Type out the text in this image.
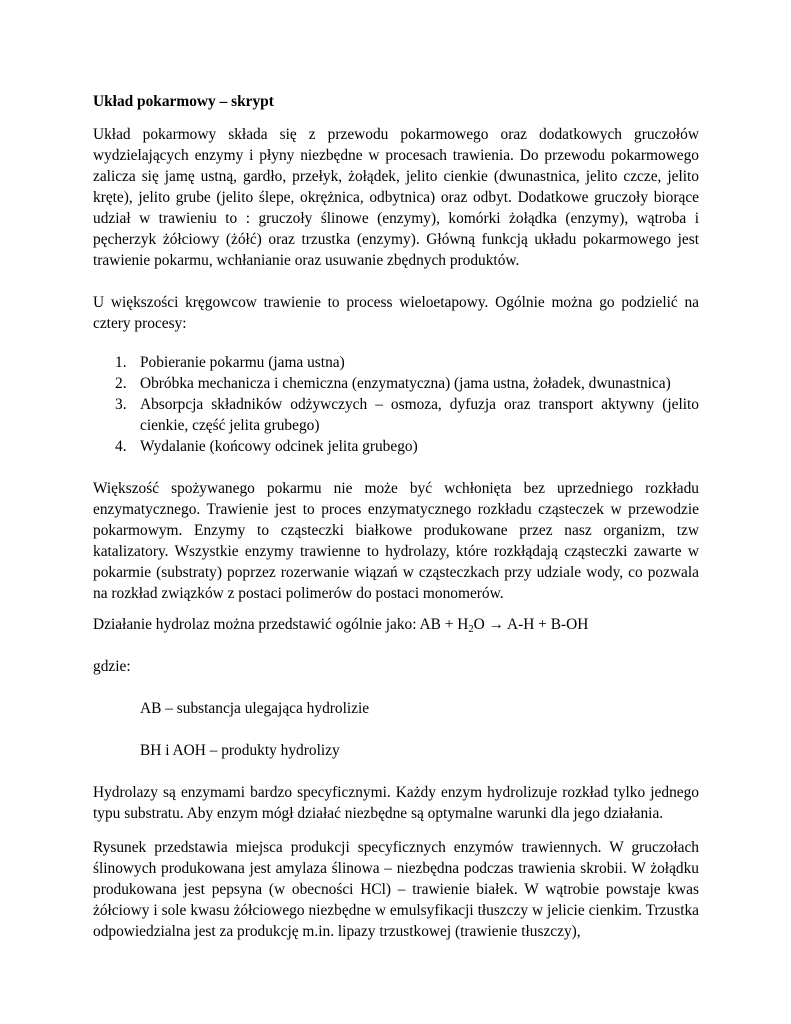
Układ pokarmowy – skrypt

Układ pokarmowy składa się z przewodu pokarmowego oraz dodatkowych gruczołów wydzielających enzymy i płyny niezbędne w procesach trawienia. Do przewodu pokarmowego zalicza się jamę ustną, gardło, przełyk, żołądek, jelito cienkie (dwunastnica, jelito czcze, jelito kręte), jelito grube (jelito ślepe, okrężnica, odbytnica) oraz odbyt. Dodatkowe gruczoły biorące udział w trawieniu to : gruczoły ślinowe (enzymy), komórki żołądka (enzymy), wątroba i pęcherzyk żółciowy (żółć) oraz trzustka (enzymy). Główną funkcją układu pokarmowego jest trawienie pokarmu, wchłanianie oraz usuwanie zbędnych produktów.

U większości kręgowcow trawienie to process wieloetapowy. Ogólnie można go podzielić na cztery procesy:

1. Pobieranie pokarmu (jama ustna)
2. Obróbka mechanicza i chemiczna (enzymatyczna) (jama ustna, żoładek, dwunastnica)
3. Absorpcja składników odżywczych – osmoza, dyfuzja oraz transport aktywny (jelito cienkie, część jelita grubego)
4. Wydalanie (końcowy odcinek jelita grubego)

Większość spożywanego pokarmu nie może być wchłonięta bez uprzedniego rozkładu enzymatycznego. Trawienie jest to proces enzymatycznego rozkładu cząsteczek w przewodzie pokarmowym. Enzymy to cząsteczki białkowe produkowane przez nasz organizm, tzw katalizatory. Wszystkie enzymy trawienne to hydrolazy, które rozkłądają cząsteczki zawarte w pokarmie (substraty) poprzez rozerwanie wiązań w cząsteczkach przy udziale wody, co pozwala na rozkład związków z postaci polimerów do postaci monomerów.

Działanie hydrolaz można przedstawić ogólnie jako: AB + $H_2O \to A-H + B-OH$

gdzie:

AB – substancja ulegająca hydrolizie

BH i AOH – produkty hydrolizy

Hydrolazy są enzymami bardzo specyficznymi. Każdy enzym hydrolizuje rozkład tylko jednego typu substratu. Aby enzym mógł działać niezbędne są optymalne warunki dla jego działania.

Rysunek przedstawia miejsca produkcji specyficznych enzymów trawiennych. W gruczołach ślinowych produkowana jest amylaza ślinowa – niezbędna podczas trawienia skrobii. W żołądku produkowana jest pepsyna (w obecności HCl) – trawienie białek. W wątrobie powstaje kwas żółciowy i sole kwasu żółciowego niezbędne w emulsyfikacji tłuszczy w jelicie cienkim. Trzustka odpowiedzialna jest za produkcję m.in. lipazy trzustkowej (trawienie tłuszczy),
